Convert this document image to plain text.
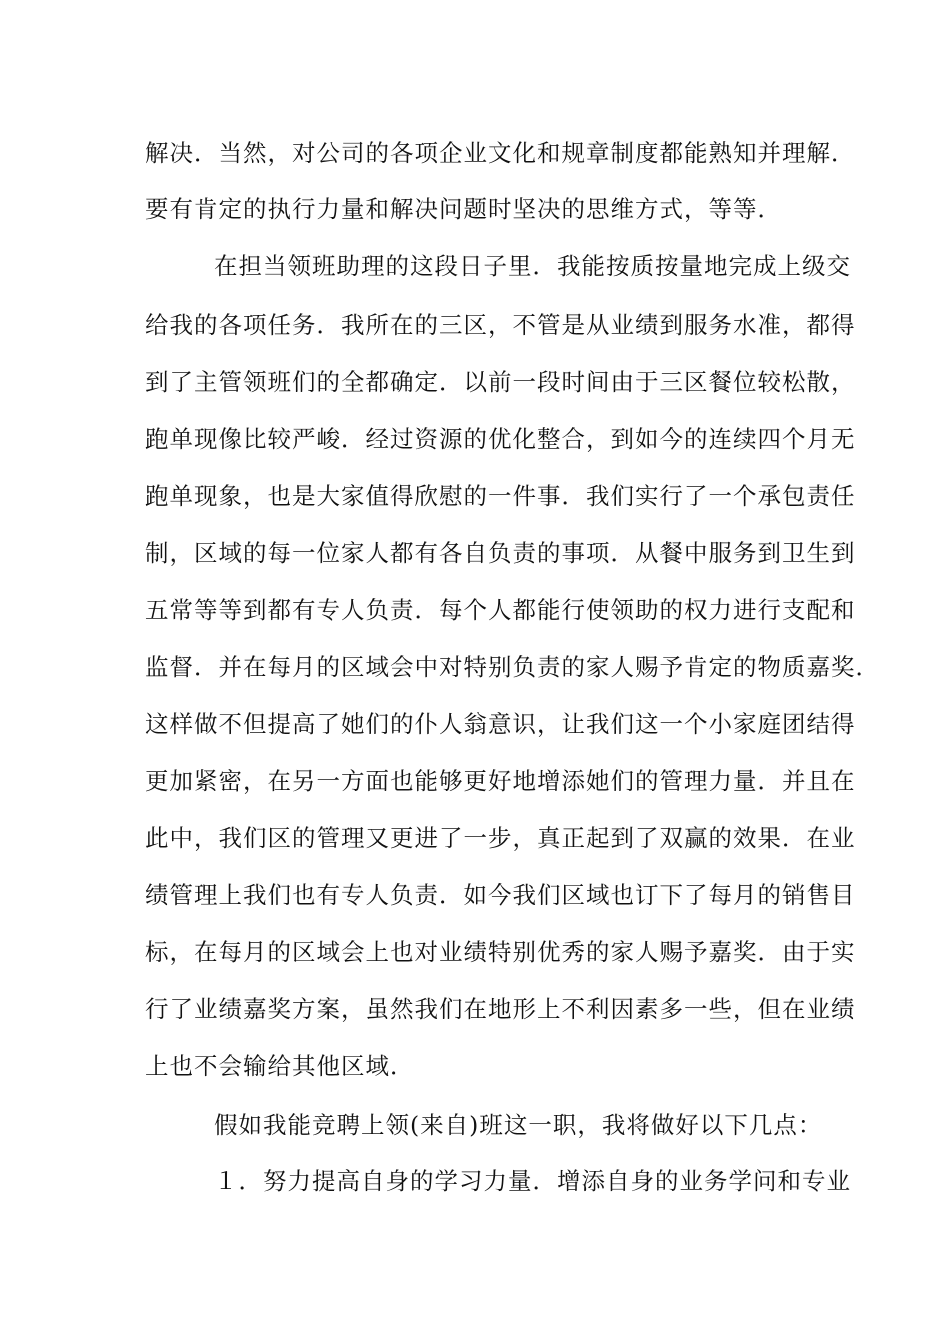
解决．当然，对公司的各项企业文化和规章制度都能熟知并理解．
要有肯定的执行力量和解决问题时坚决的思维方式，等等．
在担当领班助理的这段日子里．我能按质按量地完成上级交
给我的各项任务．我所在的三区，不管是从业绩到服务水准，都得
到了主管领班们的全都确定．以前一段时间由于三区餐位较松散，
跑单现像比较严峻．经过资源的优化整合，到如今的连续四个月无
跑单现象，也是大家值得欣慰的一件事．我们实行了一个承包责任
制，区域的每一位家人都有各自负责的事项．从餐中服务到卫生到
五常等等到都有专人负责．每个人都能行使领助的权力进行支配和
监督．并在每月的区域会中对特别负责的家人赐予肯定的物质嘉奖．
这样做不但提高了她们的仆人翁意识，让我们这一个小家庭团结得
更加紧密，在另一方面也能够更好地增添她们的管理力量．并且在
此中，我们区的管理又更进了一步，真正起到了双赢的效果．在业
绩管理上我们也有专人负责．如今我们区域也订下了每月的销售目
标，在每月的区域会上也对业绩特别优秀的家人赐予嘉奖．由于实
行了业绩嘉奖方案，虽然我们在地形上不利因素多一些，但在业绩
上也不会输给其他区域．
假如我能竞聘上领(来自)班这一职，我将做好以下几点：
１．努力提高自身的学习力量．增添自身的业务学问和专业
